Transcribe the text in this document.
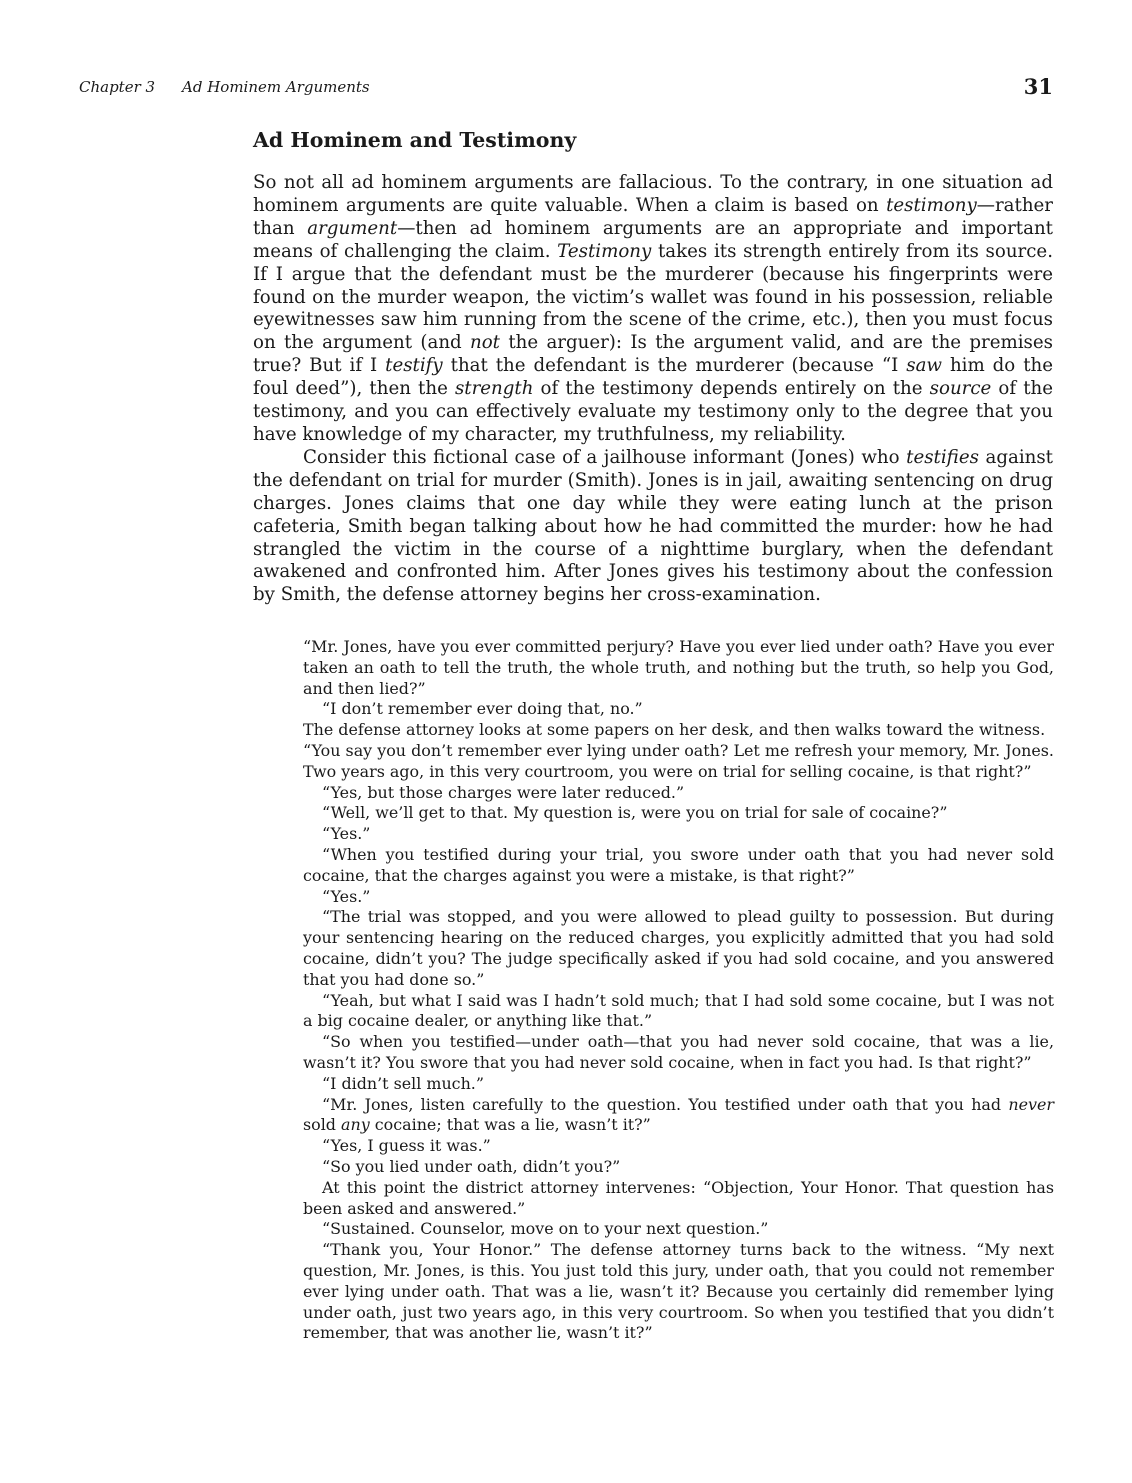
Chapter 3 Ad Hominem Arguments	31
Ad Hominem and Testimony

So not all ad hominem arguments are fallacious. To the contrary, in one situation ad hominem arguments are quite valuable. When a claim is based on testimony—rather than argument—then ad hominem arguments are an appropriate and important means of challenging the claim. Testimony takes its strength entirely from its source. If I argue that the defendant must be the murderer (because his fingerprints were found on the murder weapon, the victim’s wallet was found in his possession, reliable eyewitnesses saw him running from the scene of the crime, etc.), then you must focus on the argument (and not the arguer): Is the argument valid, and are the premises true? But if I testify that the defendant is the murderer (because “I saw him do the foul deed”), then the strength of the testimony depends entirely on the source of the testimony, and you can effectively evaluate my testimony only to the degree that you have knowledge of my character, my truthfulness, my reliability.

Consider this fictional case of a jailhouse informant (Jones) who testifies against the defendant on trial for murder (Smith). Jones is in jail, awaiting sentencing on drug charges. Jones claims that one day while they were eating lunch at the prison cafeteria, Smith began talking about how he had committed the murder: how he had strangled the victim in the course of a nighttime burglary, when the defendant awakened and confronted him. After Jones gives his testimony about the confession by Smith, the defense attorney begins her cross-examination.

“Mr. Jones, have you ever committed perjury? Have you ever lied under oath? Have you ever taken an oath to tell the truth, the whole truth, and nothing but the truth, so help you God, and then lied?”

“I don’t remember ever doing that, no.”

The defense attorney looks at some papers on her desk, and then walks toward the witness.

“You say you don’t remember ever lying under oath? Let me refresh your memory, Mr. Jones. Two years ago, in this very courtroom, you were on trial for selling cocaine, is that right?”

“Yes, but those charges were later reduced.”

“Well, we’ll get to that. My question is, were you on trial for sale of cocaine?”

“Yes.”

“When you testified during your trial, you swore under oath that you had never sold cocaine, that the charges against you were a mistake, is that right?”

“Yes.”

“The trial was stopped, and you were allowed to plead guilty to possession. But during your sentencing hearing on the reduced charges, you explicitly admitted that you had sold cocaine, didn’t you? The judge specifically asked if you had sold cocaine, and you answered that you had done so.”

“Yeah, but what I said was I hadn’t sold much; that I had sold some cocaine, but I was not a big cocaine dealer, or anything like that.”

“So when you testified—under oath—that you had never sold cocaine, that was a lie, wasn’t it? You swore that you had never sold cocaine, when in fact you had. Is that right?”

“I didn’t sell much.”

“Mr. Jones, listen carefully to the question. You testified under oath that you had never sold any cocaine; that was a lie, wasn’t it?”

“Yes, I guess it was.”

“So you lied under oath, didn’t you?”

At this point the district attorney intervenes: “Objection, Your Honor. That question has been asked and answered.”

“Sustained. Counselor, move on to your next question.”

“Thank you, Your Honor.” The defense attorney turns back to the witness. “My next question, Mr. Jones, is this. You just told this jury, under oath, that you could not remember ever lying under oath. That was a lie, wasn’t it? Because you certainly did remember lying under oath, just two years ago, in this very courtroom. So when you testified that you didn’t remember, that was another lie, wasn’t it?”
